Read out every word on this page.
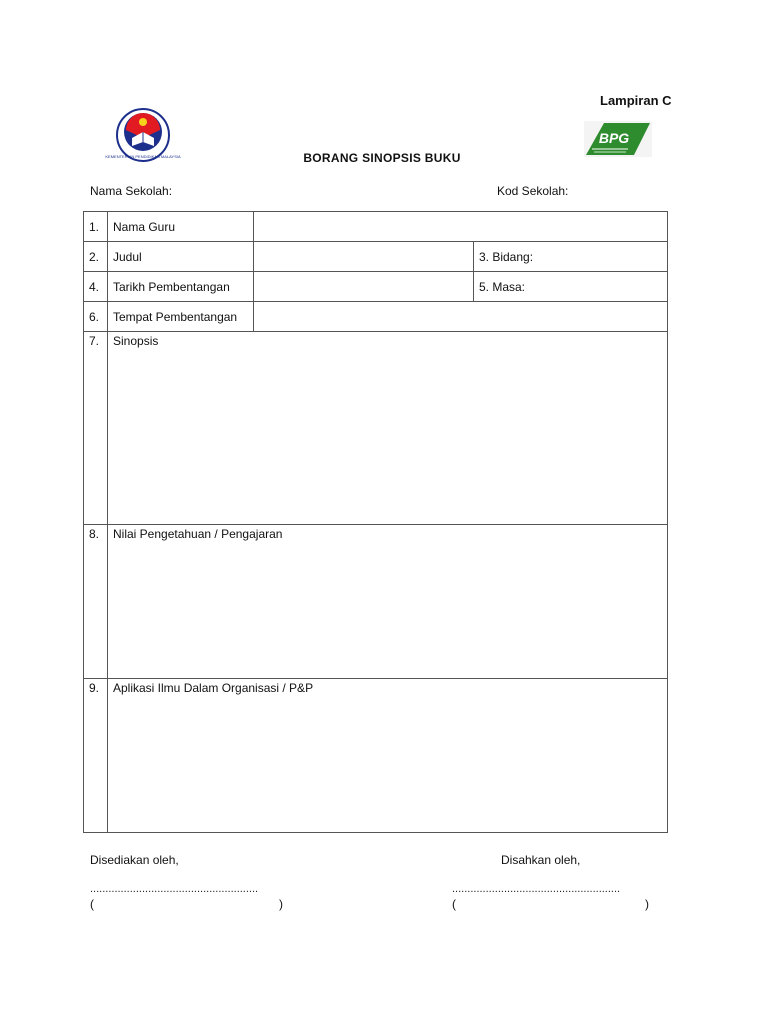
Lampiran C
KEMENTERIAN PENDIDIKAN MALAYSIA
BPG
BORANG SINOPSIS BUKU
Nama Sekolah:	Kod Sekolah:
1.	Nama Guru		
2.	Judul		3. Bidang:
4.	Tarikh Pembentangan		5. Masa:
6.	Tempat Pembentangan		
7.	Sinopsis		
8.	Nilai Pengetahuan / Pengajaran		
9.	Aplikasi Ilmu Dalam Organisasi / P&P		
Disediakan oleh,	Disahkan oleh,
.......................................................	.......................................................
(	)	(	)
